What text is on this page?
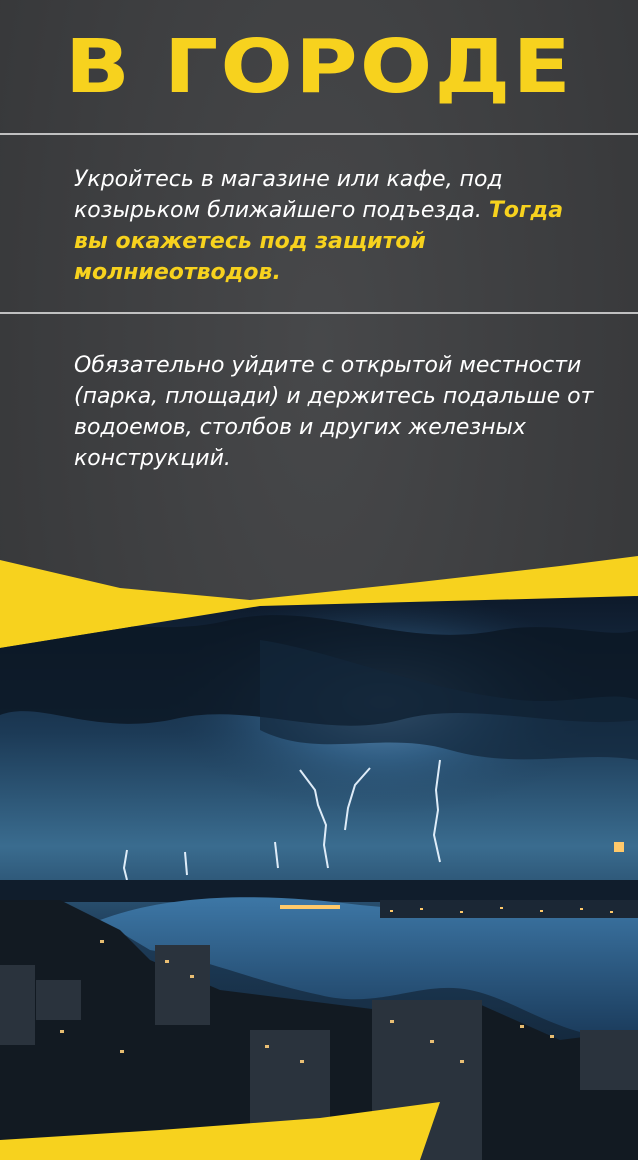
В ГОРОДЕ
Укройтесь в магазине или кафе, под козырьком ближайшего подъезда. Тогда вы окажетесь под защитой молниеотводов.
Обязательно уйдите с открытой местности (парка, площади) и держитесь подальше от водоемов, столбов и других железных конструкций.
